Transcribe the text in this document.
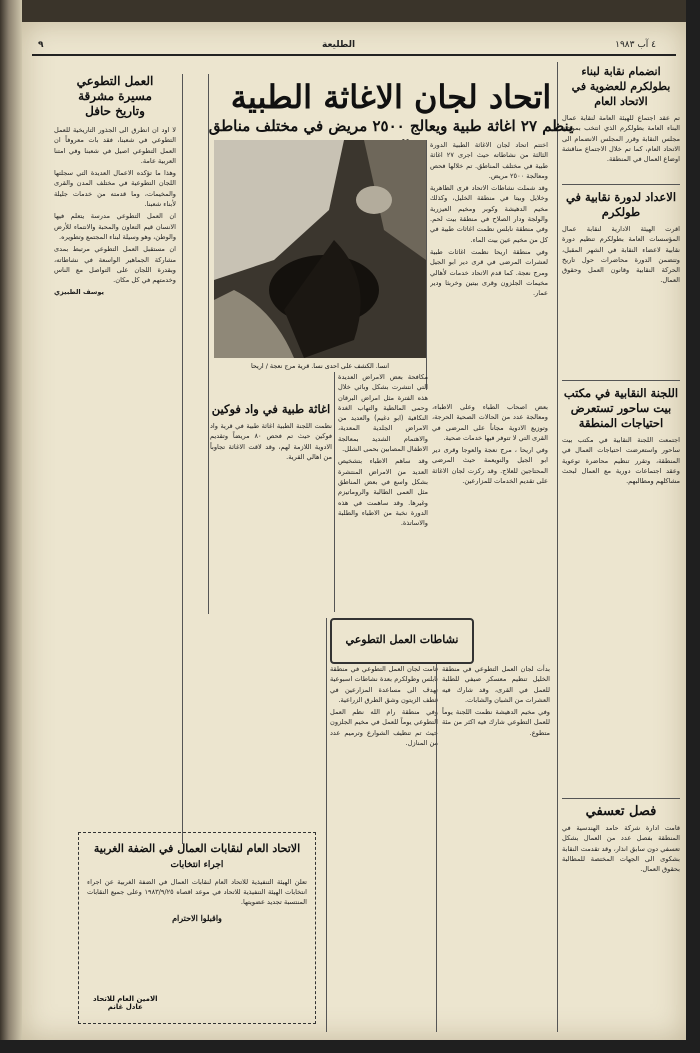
٤ آب ١٩٨٣
الطليعة
٩
انضمام نقابة لبناء بطولكرم للعضوية في الاتحاد العام

تم عقد اجتماع للهيئة العامة لنقابة عمال البناء العامة بطولكرم الذي انتخب بموجبه مجلس النقابة وقرر المجلس الانضمام الى الاتحاد العام، كما تم خلال الاجتماع مناقشة اوضاع العمال في المنطقة.

الاعداد لدورة نقابية في طولكرم

اقرت الهيئة الادارية لنقابة عمال المؤسسات العامة بطولكرم تنظيم دورة نقابية لاعضاء النقابة في الشهر المقبل، وتتضمن الدورة محاضرات حول تاريخ الحركة النقابية وقانون العمل وحقوق العمال.

اللجنة النقابية في مكتب بيت ساحور تستعرض احتياجات المنطقة

اجتمعت اللجنة النقابية في مكتب بيت ساحور واستعرضت احتياجات العمال في المنطقة، وتقرر تنظيم محاضرة توعوية وعقد اجتماعات دورية مع العمال لبحث مشاكلهم ومطالبهم.

فصل تعسفي

قامت ادارة شركة حامد الهندسية في المنطقة بفصل عدد من العمال بشكل تعسفي دون سابق انذار، وقد تقدمت النقابة بشكوى الى الجهات المختصة للمطالبة بحقوق العمال.

اتحاد لجان الاغاثة الطبية
ينظم ٢٧ اغاثة طبية ويعالج ٢٥٠٠ مريض في مختلف مناطق
انسا. الكشف على احدى نسا. قرية مرج نعجة / اريحا

اختتم اتحاد لجان الاغاثة الطبية الدورة الثالثة من نشاطاته حيث اجرى ٢٧ اغاثة طبية في مختلف المناطق. تم خلالها فحص ومعالجة ٢٥٠٠ مريض.

وقد شملت نشاطات الاتحاد قرى الظاهرية وخلايل وبيتا في منطقة الخليل، وكذلك مخيم الدهيشة وكوبر ومخيم العيزرية والولجة ودار الصلاح في منطقة بيت لحم. وفي منطقة نابلس نظمت اغاثات طبية في كل من مخيم عين بيت الماء.

وفي منطقة اريحا نظمت اغاثات طبية لعشرات المرضى في قرى دير ابو الجيل ومرج نعجة. كما قدم الاتحاد خدمات لأهالي مخيمات الجلزون وقرى بيتين وخربثا ودير عمار.

مكافحة بعض الامراض العديدة التي انتشرت بشكل وبائي خلال هذه الفترة مثل امراض البرقان وحمى المالطية والتهاب الغدة النكافية (ابو دغيم) والعديد من الامراض الجلدية المعدية، والاهتمام الشديد بمعالجة الاطفال المصابين بحمى الشلل.

وقد ساهم الاطباء بتشخيص العديد من الامراض المنتشرة بشكل واسع في بعض المناطق مثل العمى الطالبة والروماتيزم وغيرها. وقد ساهمت في هذه الدورة نخبة من الاطباء والطلبة والاساتذة.

بعض اصحاب الطباء وعلى الاطباء، ومعالجة عدد من الحالات الصحية الحرجة، وتوزيع الادوية مجاناً على المرضى في القرى التي لا تتوفر فيها خدمات صحية.

وفي اريحا ، مرج نعجة والعوجا وقرى دير ابو الجيل والنويعمة حيث المرضى المحتاجين للعلاج. وقد ركزت لجان الاغاثة على تقديم الخدمات للمزارعين.

اغاثة طبية في واد فوكين

نظمت اللجنة الطبية اغاثة طبية في قرية واد فوكين حيث تم فحص ٨٠ مريضاً وتقديم الادوية اللازمة لهم، وقد لاقت الاغاثة تجاوباً من اهالي القرية.

نشاطات العمل التطوعي

قامت لجان العمل التطوعي في منطقة نابلس وطولكرم بعدة نشاطات اسبوعية تهدف الى مساعدة المزارعين في قطف الزيتون وشق الطرق الزراعية.

وفي منطقة رام الله نظم العمل التطوعي يوماً للعمل في مخيم الجلزون حيث تم تنظيف الشوارع وترميم عدد من المنازل.

بدأت لجان العمل التطوعي في منطقة الخليل تنظيم معسكر صيفي للطلبة للعمل في القرى، وقد شارك فيه العشرات من الشبان والشابات.

وفي مخيم الدهيشة نظمت اللجنة يوماً للعمل التطوعي شارك فيه اكثر من مئة متطوع.

العمل التطوعي
مسيرة مشرقة
وتاريخ حافل

لا اود ان انطرق الى الجذور التاريخية للعمل التطوعي في شعبنا، فقد بات معروفاً ان العمل التطوعي اصيل في شعبنا وفي امتنا العربية عامة.

وهذا ما تؤكده الاعمال العديدة التي سجلتها اللجان التطوعية في مختلف المدن والقرى والمخيمات، وما قدمته من خدمات جليلة لأبناء شعبنا.

ان العمل التطوعي مدرسة يتعلم فيها الانسان قيم التعاون والمحبة والانتماء للأرض والوطن، وهو وسيلة لبناء المجتمع وتطويره.

ان مستقبل العمل التطوعي مرتبط بمدى مشاركة الجماهير الواسعة في نشاطاته، وبقدرة اللجان على التواصل مع الناس وخدمتهم في كل مكان.

يوسف الطبيزي

الاتحاد العام لنقابات العمال في الضفة الغربية
اجراء انتخابات
تعلن الهيئة التنفيذية للاتحاد العام لنقابات العمال في الضفة الغربية عن اجراء انتخابات الهيئة التنفيذية للاتحاد في موعد اقصاه ١٩٨٣/٩/٢٥ وعلى جميع النقابات المنتسبة تجديد عضويتها.
واقبلوا الاحترام
الامين العام للاتحاد
عادل غانم
